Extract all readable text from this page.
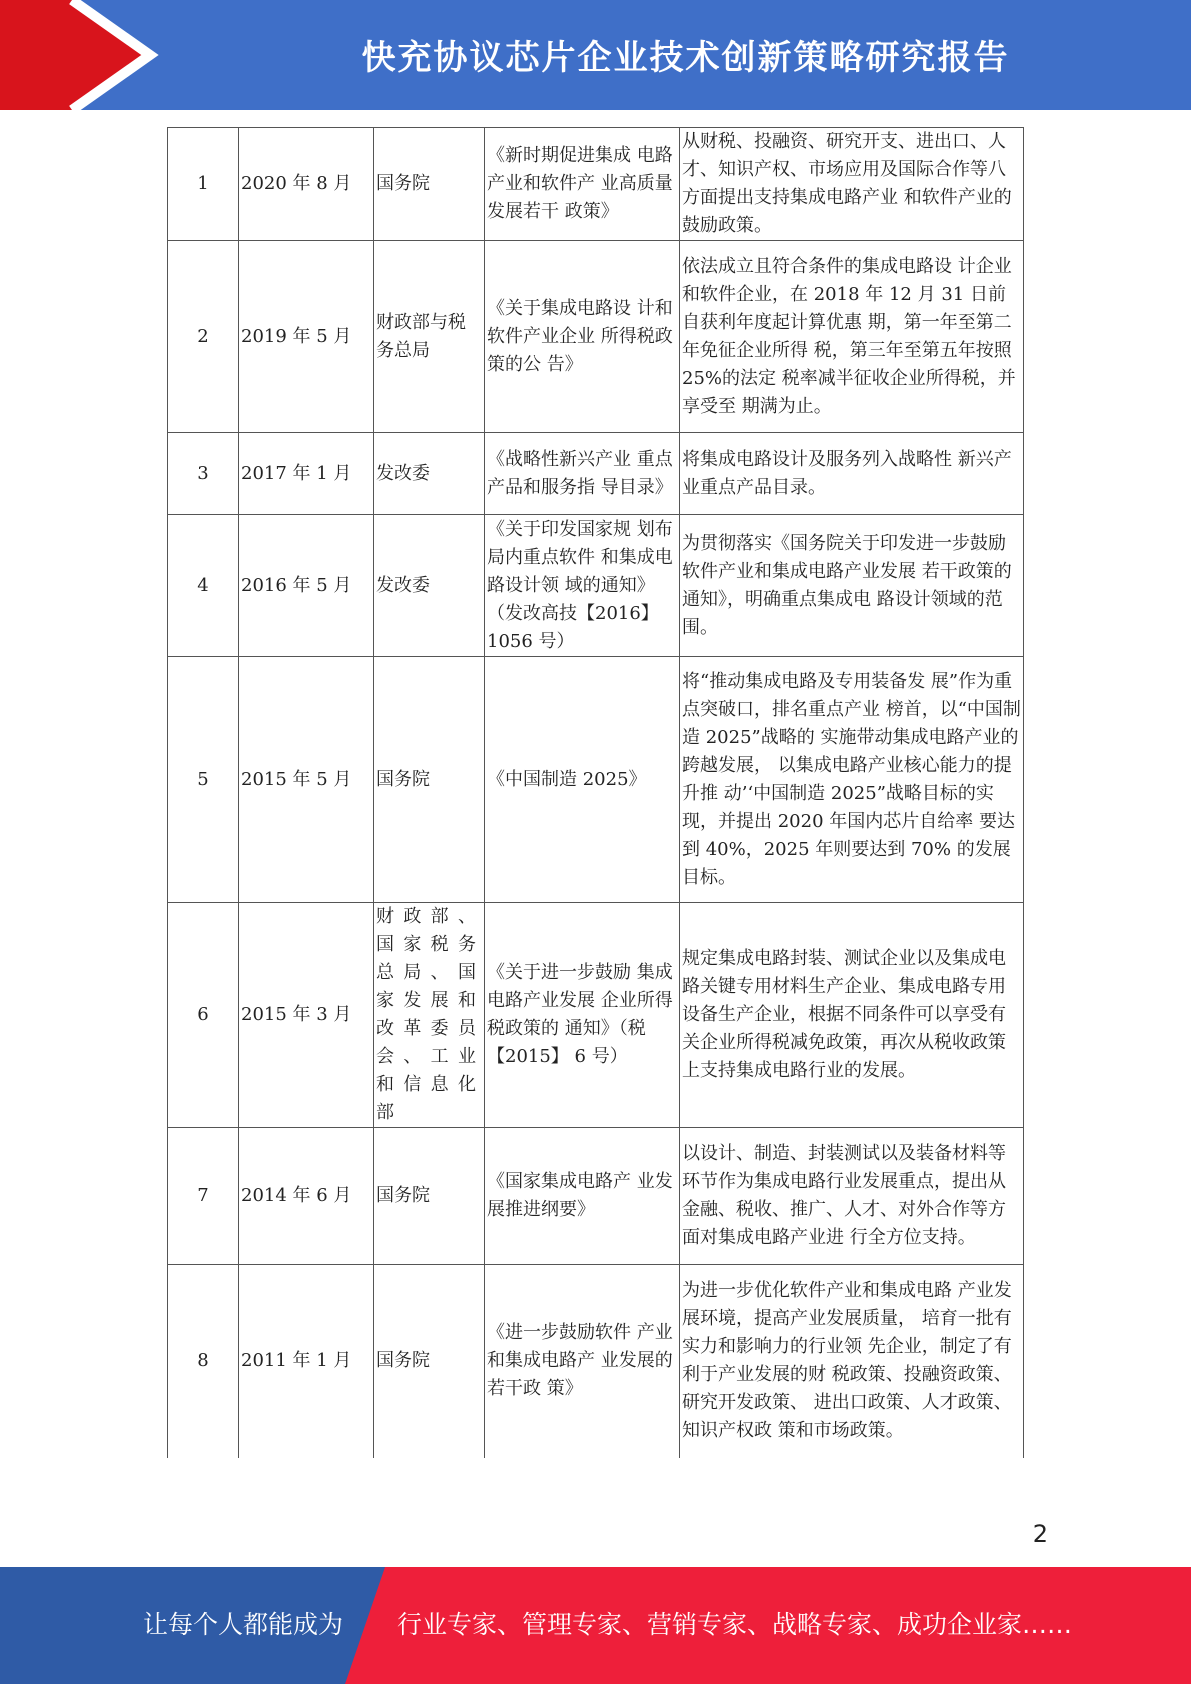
快充协议芯片企业技术创新策略研究报告
1	2020 年 8 月	国务院	《新时期促进集成 电路产业和软件产 业高质量发展若干 政策》	从财税、投融资、研究开支、进出口、人才、知识产权、市场应用及国际合作等八方面提出支持集成电路产业 和软件产业的鼓励政策。
2	2019 年 5 月	财政部与税务总局	《关于集成电路设 计和软件产业企业 所得税政策的公 告》	依法成立且符合条件的集成电路设 计企业和软件企业，在 2018 年 12 月 31 日前自获利年度起计算优惠 期，第一年至第二年免征企业所得 税，第三年至第五年按照 25%的法定 税率减半征收企业所得税，并享受至 期满为止。
3	2017 年 1 月	发改委	《战略性新兴产业 重点产品和服务指 导目录》	将集成电路设计及服务列入战略性 新兴产业重点产品目录。
4	2016 年 5 月	发改委	《关于印发国家规 划布局内重点软件 和集成电路设计领 域的通知》（发改高技【2016】1056 号）	为贯彻落实《国务院关于印发进一步鼓励软件产业和集成电路产业发展 若干政策的通知》，明确重点集成电 路设计领域的范围。
5	2015 年 5 月	国务院	《中国制造 2025》	将“推动集成电路及专用装备发 展”作为重点突破口，排名重点产业 榜首，以“中国制造 2025”战略的 实施带动集成电路产业的跨越发展， 以集成电路产业核心能力的提升推 动’‘中国制造 2025”战略目标的实 现，并提出 2020 年国内芯片自给率 要达到 40%，2025 年则要达到 70% 的发展目标。
6	2015 年 3 月	财政部、国家税务总局、国家发展和改革委员会、工业和信息化部	《关于进一步鼓励 集成电路产业发展 企业所得税政策的 通知》（税【2015】 6 号）	规定集成电路封装、测试企业以及集成电路关键专用材料生产企业、集成电路专用设备生产企业，根据不同条件可以享受有关企业所得税减免政策，再次从税收政策上支持集成电路行业的发展。
7	2014 年 6 月	国务院	《国家集成电路产 业发展推进纲要》	以设计、制造、封装测试以及装备材料等环节作为集成电路行业发展重点，提出从金融、税收、推广、人才、对外合作等方面对集成电路产业进 行全方位支持。
8	2011 年 1 月	国务院	《进一步鼓励软件 产业和集成电路产 业发展的若干政 策》	为进一步优化软件产业和集成电路 产业发展环境，提高产业发展质量， 培育一批有实力和影响力的行业领 先企业，制定了有利于产业发展的财 税政策、投融资政策、研究开发政策、 进出口政策、人才政策、知识产权政 策和市场政策。
2
让每个人都能成为 行业专家、管理专家、营销专家、战略专家、成功企业家……
